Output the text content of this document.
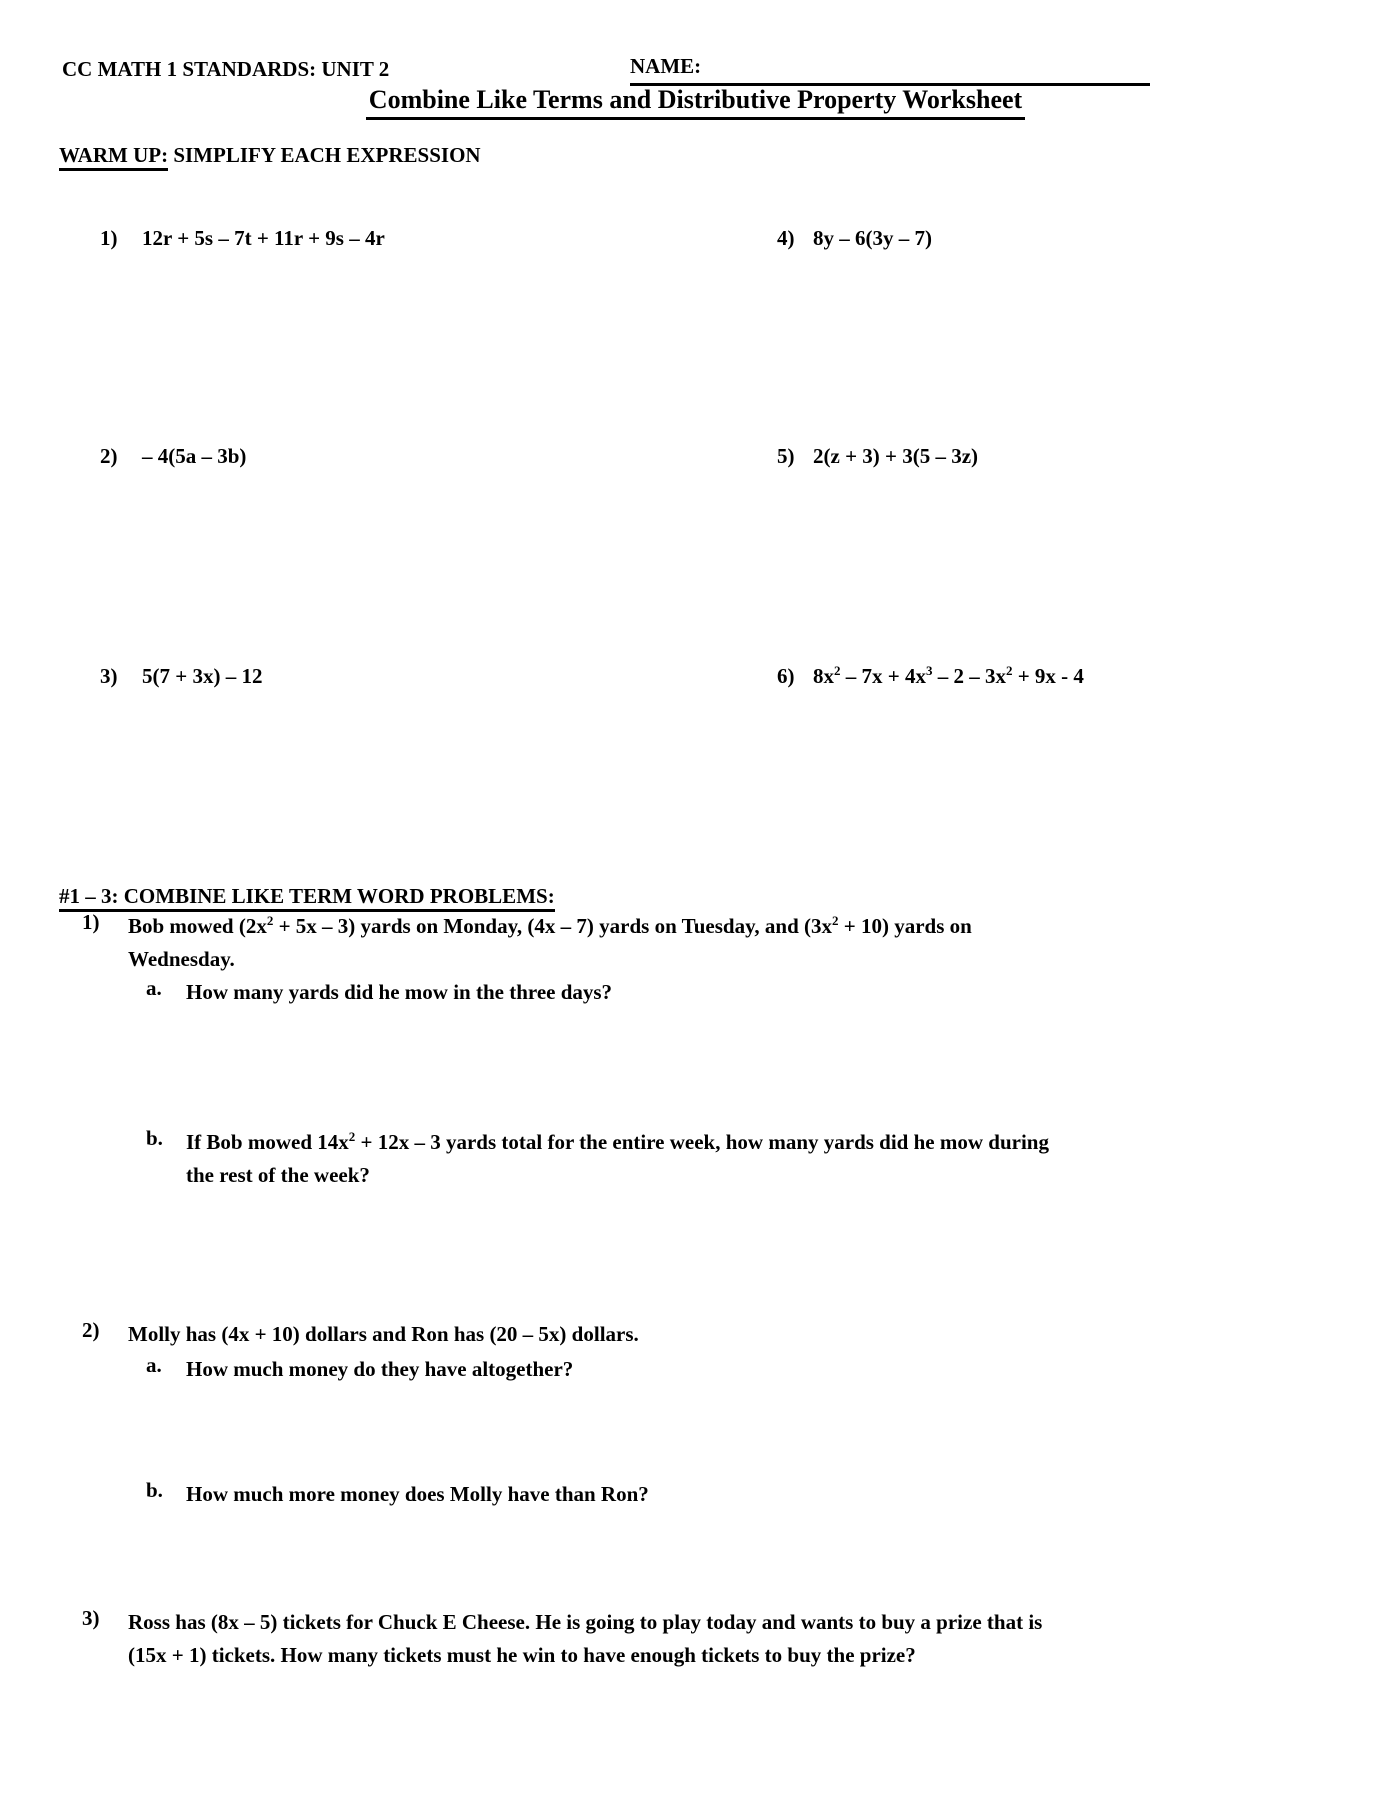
CC MATH 1 STANDARDS: UNIT 2	NAME:
Combine Like Terms and Distributive Property Worksheet
WARM UP: SIMPLIFY EACH EXPRESSION
1)	12r + 5s – 7t + 11r + 9s – 4r
2)	– 4(5a – 3b)
3)	5(7 + 3x) – 12
4) 8y – 6(3y – 7)
5) 2(z + 3) + 3(5 – 3z)
6) $8x^2 - 7x + 4x^3 - 2 - 3x^2 + 9x - 4$
#1 – 3: COMBINE LIKE TERM WORD PROBLEMS:
1)	Bob mowed $(2x^2 + 5x - 3)$ yards on Monday, (4x – 7) yards on Tuesday, and $(3x^2 + 10)$ yards on
Wednesday.
a.	How many yards did he mow in the three days?
b.	If Bob mowed $14x^2 + 12x - 3$ yards total for the entire week, how many yards did he mow during
the rest of the week?
2)	Molly has (4x + 10) dollars and Ron has (20 – 5x) dollars.
a.	How much money do they have altogether?
b.	How much more money does Molly have than Ron?
3)	Ross has (8x – 5) tickets for Chuck E Cheese. He is going to play today and wants to buy a prize that is
(15x + 1) tickets. How many tickets must he win to have enough tickets to buy the prize?
